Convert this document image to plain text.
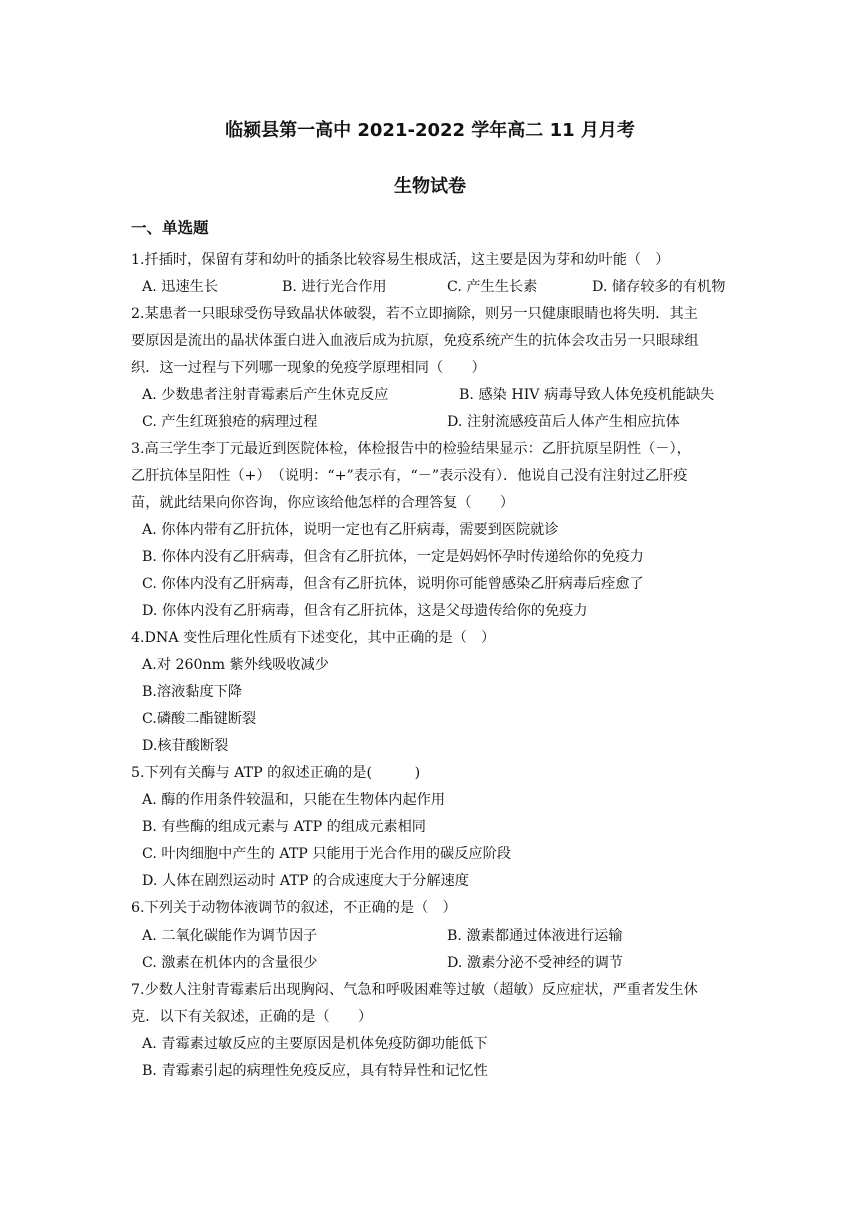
临颍县第一高中 2021-2022 学年高二 11 月月考
生物试卷
一、单选题
1.扦插时，保留有芽和幼叶的插条比较容易生根成活，这主要是因为芽和幼叶能（　）
A. 迅速生长	B. 进行光合作用	C. 产生生长素	D. 储存较多的有机物
2.某患者一只眼球受伤导致晶状体破裂，若不立即摘除，则另一只健康眼睛也将失明．其主
要原因是流出的晶状体蛋白进入血液后成为抗原，免疫系统产生的抗体会攻击另一只眼球组
织．这一过程与下列哪一现象的免疫学原理相同（　　）
A. 少数患者注射青霉素后产生休克反应	B. 感染 HIV 病毒导致人体免疫机能缺失
C. 产生红斑狼疮的病理过程	D. 注射流感疫苗后人体产生相应抗体
3.高三学生李丁元最近到医院体检，体检报告中的检验结果显示：乙肝抗原呈阴性（－），
乙肝抗体呈阳性（+）　（说明：“+”表示有，“－”表示没有）．他说自己没有注射过乙肝疫
苗，就此结果向你咨询，你应该给他怎样的合理答复（　　）
A. 你体内带有乙肝抗体，说明一定也有乙肝病毒，需要到医院就诊
B. 你体内没有乙肝病毒，但含有乙肝抗体，一定是妈妈怀孕时传递给你的免疫力
C. 你体内没有乙肝病毒，但含有乙肝抗体，说明你可能曾感染乙肝病毒后痊愈了
D. 你体内没有乙肝病毒，但含有乙肝抗体，这是父母遗传给你的免疫力
4.DNA 变性后理化性质有下述变化，其中正确的是（　）
A.对 260nm 紫外线吸收减少
B.溶液黏度下降
C.磷酸二酯键断裂
D.核苷酸断裂
5.下列有关酶与 ATP 的叙述正确的是(　　　)
A. 酶的作用条件较温和，只能在生物体内起作用
B. 有些酶的组成元素与 ATP 的组成元素相同
C. 叶肉细胞中产生的 ATP 只能用于光合作用的碳反应阶段
D. 人体在剧烈运动时 ATP 的合成速度大于分解速度
6.下列关于动物体液调节的叙述，不正确的是（　）
A. 二氧化碳能作为调节因子	B. 激素都通过体液进行运输
C. 激素在机体内的含量很少	D. 激素分泌不受神经的调节
7.少数人注射青霉素后出现胸闷、气急和呼吸困难等过敏（超敏）反应症状，严重者发生休
克．以下有关叙述，正确的是（　　）
A. 青霉素过敏反应的主要原因是机体免疫防御功能低下
B. 青霉素引起的病理性免疫反应，具有特异性和记忆性
